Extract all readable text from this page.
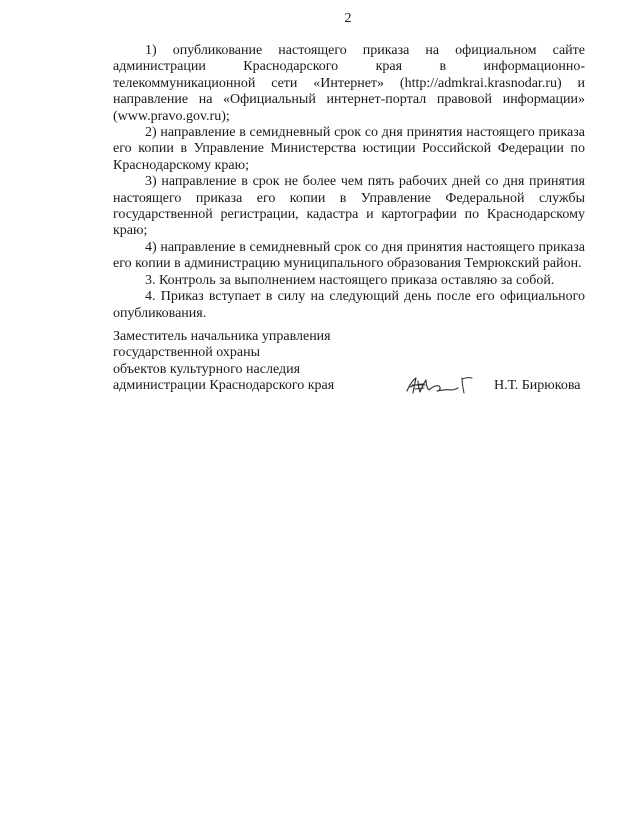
2

1) опубликование настоящего приказа на официальном сайте администрации Краснодарского края в информационно-телекоммуникационной сети «Интернет» (http://admkrai.krasnodar.ru) и направление на «Официальный интернет-портал правовой информации» (www.pravo.gov.ru);

2) направление в семидневный срок со дня принятия настоящего приказа его копии в Управление Министерства юстиции Российской Федерации по Краснодарскому краю;

3) направление в срок не более чем пять рабочих дней со дня принятия настоящего приказа его копии в Управление Федеральной службы государственной регистрации, кадастра и картографии по Краснодарскому краю;

4) направление в семидневный срок со дня принятия настоящего приказа его копии в администрацию муниципального образования Темрюкский район.

3. Контроль за выполнением настоящего приказа оставляю за собой.

4. Приказ вступает в силу на следующий день после его официального опубликования.

Заместитель начальника управления
государственной охраны
объектов культурного наследия
администрации Краснодарского края	Н.Т. Бирюкова
